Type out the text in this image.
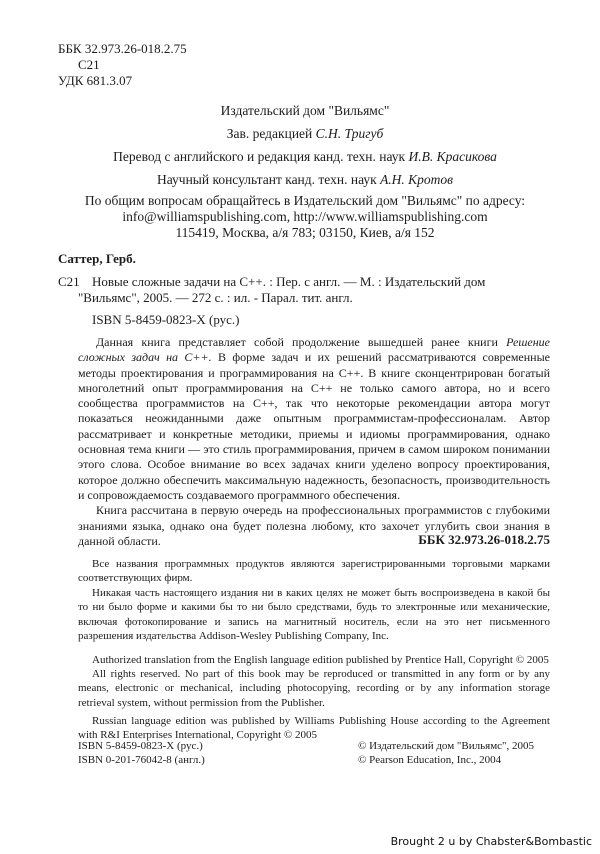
ББК 32.973.26-018.2.75
С21
УДК 681.3.07
Издательский дом "Вильямс"
Зав. редакцией С.Н. Тригуб
Перевод с английского и редакция канд. техн. наук И.В. Красикова
Научный консультант канд. техн. наук А.Н. Кротов
По общим вопросам обращайтесь в Издательский дом "Вильямс" по адресу:
info@williamspublishing.com, http://www.williamspublishing.com
115419, Москва, а/я 783; 03150, Киев, а/я 152
Саттер, Герб.
С21 Новые сложные задачи на С++. : Пер. с англ. — М. : Издательский дом
"Вильямс", 2005. — 272 с. : ил. - Парал. тит. англ.
ISBN 5-8459-0823-X (рус.)

Данная книга представляет собой продолжение вышедшей ранее книги Решение сложных задач на С++. В форме задач и их решений рассматриваются современные методы проектирования и программирования на С++. В книге сконцентрирован богатый многолетний опыт программирования на С++ не только самого автора, но и всего сообщества программистов на С++, так что некоторые рекомендации автора могут показаться неожиданными даже опытным программистам-профессионалам. Автор рассматривает и конкретные методики, приемы и идиомы программирования, однако основная тема книги — это стиль программирования, причем в самом широком понимании этого слова. Особое внимание во всех задачах книги уделено вопросу проектирования, которое должно обеспечить максимальную надежность, безопасность, производительность и сопровождаемость создаваемого программного обеспечения.

Книга рассчитана в первую очередь на профессиональных программистов с глубокими знаниями языка, однако она будет полезна любому, кто захочет углубить свои знания в данной области.	ББК 32.973.26-018.2.75

Все названия программных продуктов являются зарегистрированными торговыми марками соответствующих фирм.

Никакая часть настоящего издания ни в каких целях не может быть воспроизведена в какой бы то ни было форме и какими бы то ни было средствами, будь то электронные или механические, включая фотокопирование и запись на магнитный носитель, если на это нет письменного разрешения издательства Addison-Wesley Publishing Company, Inc.

Authorized translation from the English language edition published by Prentice Hall, Copyright © 2005

All rights reserved. No part of this book may be reproduced or transmitted in any form or by any means, electronic or mechanical, including photocopying, recording or by any information storage retrieval system, without permission from the Publisher.

Russian language edition was published by Williams Publishing House according to the Agreement with R&I Enterprises International, Copyright © 2005

ISBN 5-8459-0823-X (рус.)
ISBN 0-201-76042-8 (англ.)
© Издательский дом "Вильямс", 2005
© Pearson Education, Inc., 2004
Brought 2 u by Chabster&Bombastic
